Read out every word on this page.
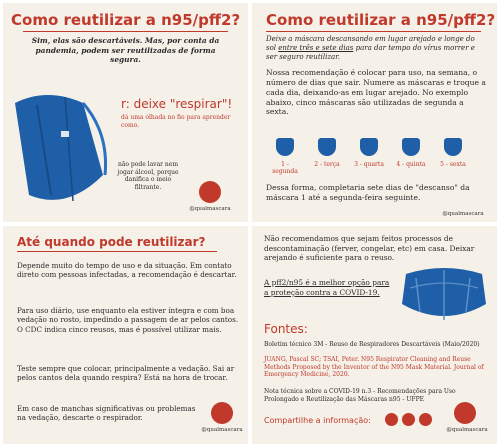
Como reutilizar a n95/pff2?
Sim, elas são descartáveis. Mas, por conta da pandemia, podem ser reutilizadas de forma segura.
r: deixe "respirar"!
dá uma olhada no fio para aprender como.
não pode lavar nem jogar álcool, porque danifica o meio filtrante.
@qualmascara
Como reutilizar a n95/pff2?
Deixe a máscara descansando em lugar arejado e longe do sol entre três e sete dias para dar tempo do vírus morrer e ser seguro reutilizar.
Nossa recomendação é colocar para uso, na semana, o número de dias que sair. Numere as máscaras e troque a cada dia, deixando-as em lugar arejado. No exemplo abaixo, cinco máscaras são utilizadas de segunda a sexta.
1 - segunda
2 - terça	3 - quarta	4 - quinta	5 - sexta
Dessa forma, completaria sete dias de "descanso" da máscara 1 até a segunda-feira seguinte.
@qualmascara
Até quando pode reutilizar?
Depende muito do tempo de uso e da situação. Em contato direto com pessoas infectadas, a recomendação é descartar.
Para uso diário, use enquanto ela estiver íntegra e com boa vedação no rosto, impedindo a passagem de ar pelos cantos. O CDC indica cinco reusos, mas é possível utilizar mais.
Teste sempre que colocar, principalmente a vedação. Sai ar pelos cantos dela quando respira? Está na hora de trocar.
Em caso de manchas significativas ou problemas na vedação, descarte o respirador.
@qualmascara
Não recomendamos que sejam feitos processos de descontaminação (ferver, congelar, etc) em casa. Deixar arejando é suficiente para o reuso.
A pff2/n95 é a melhor opção para a proteção contra a COVID-19.
Fontes:
Boletim técnico 3M - Reuso de Respiradores Descartáveis (Maio/2020)
JUANG, Pascal SC; TSAI, Peter. N95 Respirator Cleaning and Reuse Methods Proposed by the Inventor of the N95 Mask Material. Journal of Emergency Medicine, 2020.
Nota técnica sobre a COVID-19 n.3 - Recomendações para Uso Prolongado e Reutilização das Máscaras n95 - UFPE
Compartilhe a informação:
@qualmascara
